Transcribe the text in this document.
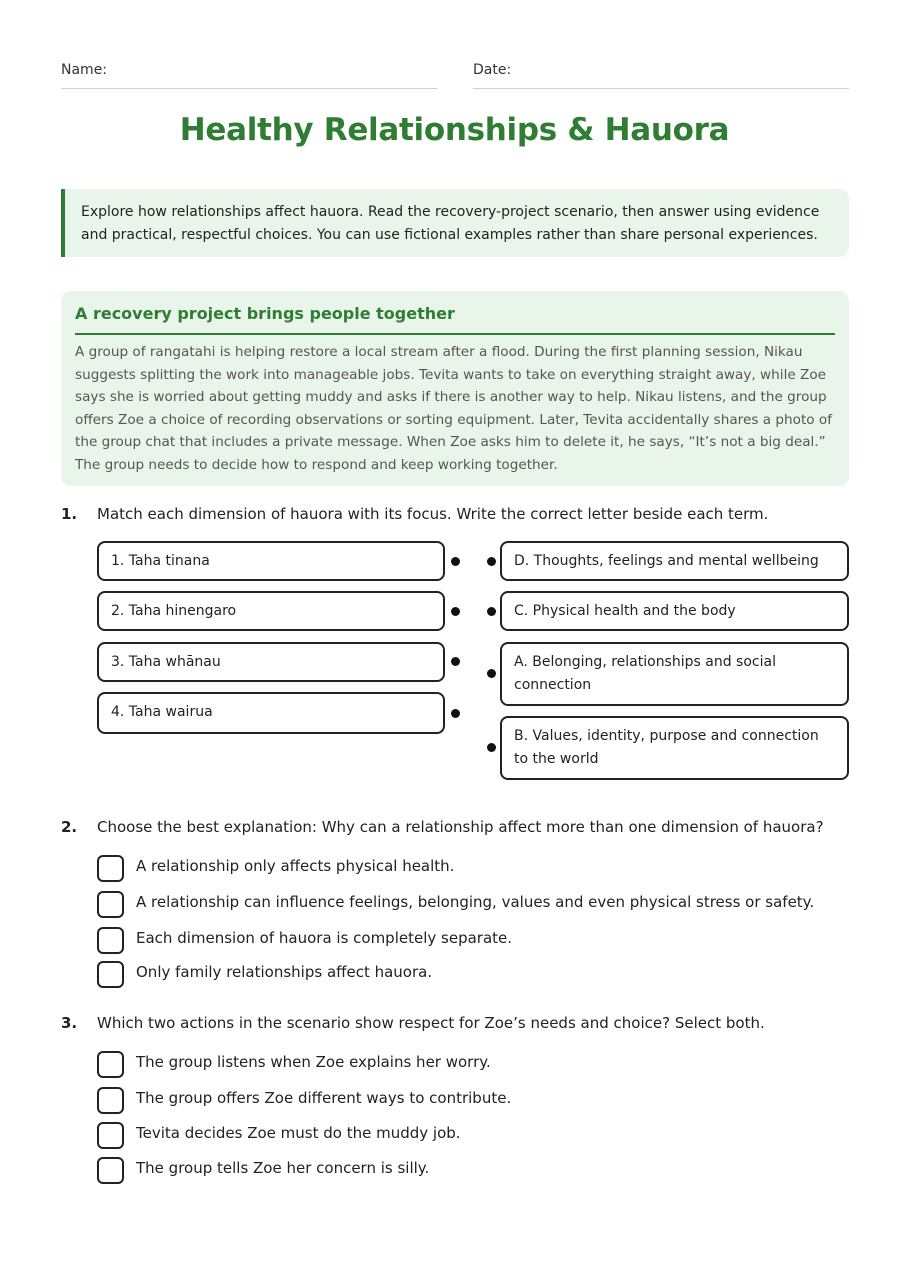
Name:	Date:
Healthy Relationships & Hauora
Explore how relationships affect hauora. Read the recovery-project scenario, then answer using evidence and practical, respectful choices. You can use fictional examples rather than share personal experiences.
A recovery project brings people together

A group of rangatahi is helping restore a local stream after a flood. During the first planning session, Nikau suggests splitting the work into manageable jobs. Tevita wants to take on everything straight away, while Zoe says she is worried about getting muddy and asks if there is another way to help. Nikau listens, and the group offers Zoe a choice of recording observations or sorting equipment. Later, Tevita accidentally shares a photo of the group chat that includes a private message. When Zoe asks him to delete it, he says, “It’s not a big deal.” The group needs to decide how to respond and keep working together.

1. Match each dimension of hauora with its focus. Write the correct letter beside each term.
1. Taha tinana
2. Taha hinengaro
3. Taha whānau
4. Taha wairua
D. Thoughts, feelings and mental wellbeing
C. Physical health and the body
A. Belonging, relationships and social connection
B. Values, identity, purpose and connection to the world
2. Choose the best explanation: Why can a relationship affect more than one dimension of hauora?
A relationship only affects physical health.
A relationship can influence feelings, belonging, values and even physical stress or safety.
Each dimension of hauora is completely separate.
Only family relationships affect hauora.
3. Which two actions in the scenario show respect for Zoe’s needs and choice? Select both.
The group listens when Zoe explains her worry.
The group offers Zoe different ways to contribute.
Tevita decides Zoe must do the muddy job.
The group tells Zoe her concern is silly.
